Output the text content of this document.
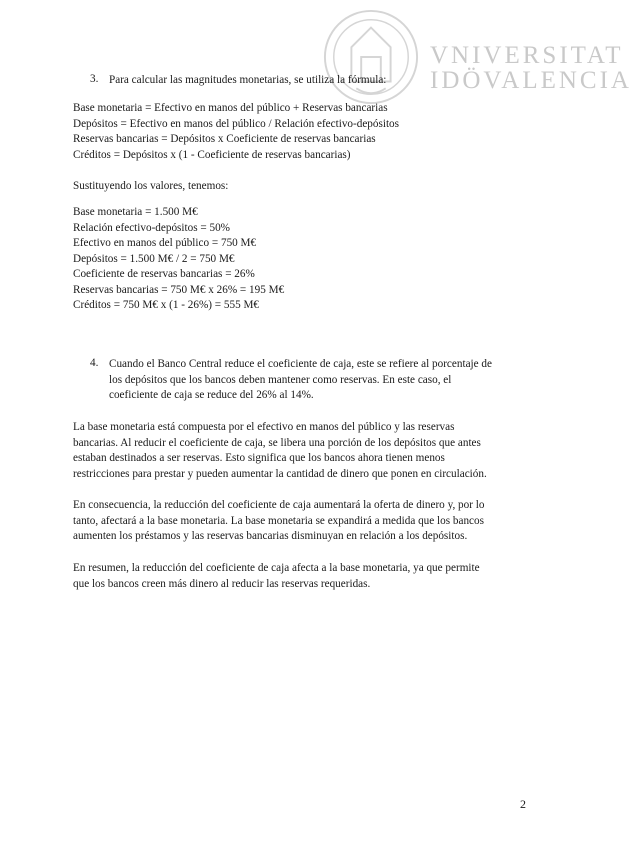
VNIVERSITAT
IDÖVALENCIA
3. Para calcular las magnitudes monetarias, se utiliza la fórmula:
Base monetaria = Efectivo en manos del público + Reservas bancarias
Depósitos = Efectivo en manos del público / Relación efectivo-depósitos
Reservas bancarias = Depósitos x Coeficiente de reservas bancarias
Créditos = Depósitos x (1 - Coeficiente de reservas bancarias)
Sustituyendo los valores, tenemos:
Base monetaria = 1.500 M€
Relación efectivo-depósitos = 50%
Efectivo en manos del público = 750 M€
Depósitos = 1.500 M€ / 2 = 750 M€
Coeficiente de reservas bancarias = 26%
Reservas bancarias = 750 M€ x 26% = 195 M€
Créditos = 750 M€ x (1 - 26%) = 555 M€
4. Cuando el Banco Central reduce el coeficiente de caja, este se refiere al porcentaje de
los depósitos que los bancos deben mantener como reservas. En este caso, el
coeficiente de caja se reduce del 26% al 14%.
La base monetaria está compuesta por el efectivo en manos del público y las reservas
bancarias. Al reducir el coeficiente de caja, se libera una porción de los depósitos que antes
estaban destinados a ser reservas. Esto significa que los bancos ahora tienen menos
restricciones para prestar y pueden aumentar la cantidad de dinero que ponen en circulación.
En consecuencia, la reducción del coeficiente de caja aumentará la oferta de dinero y, por lo
tanto, afectará a la base monetaria. La base monetaria se expandirá a medida que los bancos
aumenten los préstamos y las reservas bancarias disminuyan en relación a los depósitos.
En resumen, la reducción del coeficiente de caja afecta a la base monetaria, ya que permite
que los bancos creen más dinero al reducir las reservas requeridas.
2
